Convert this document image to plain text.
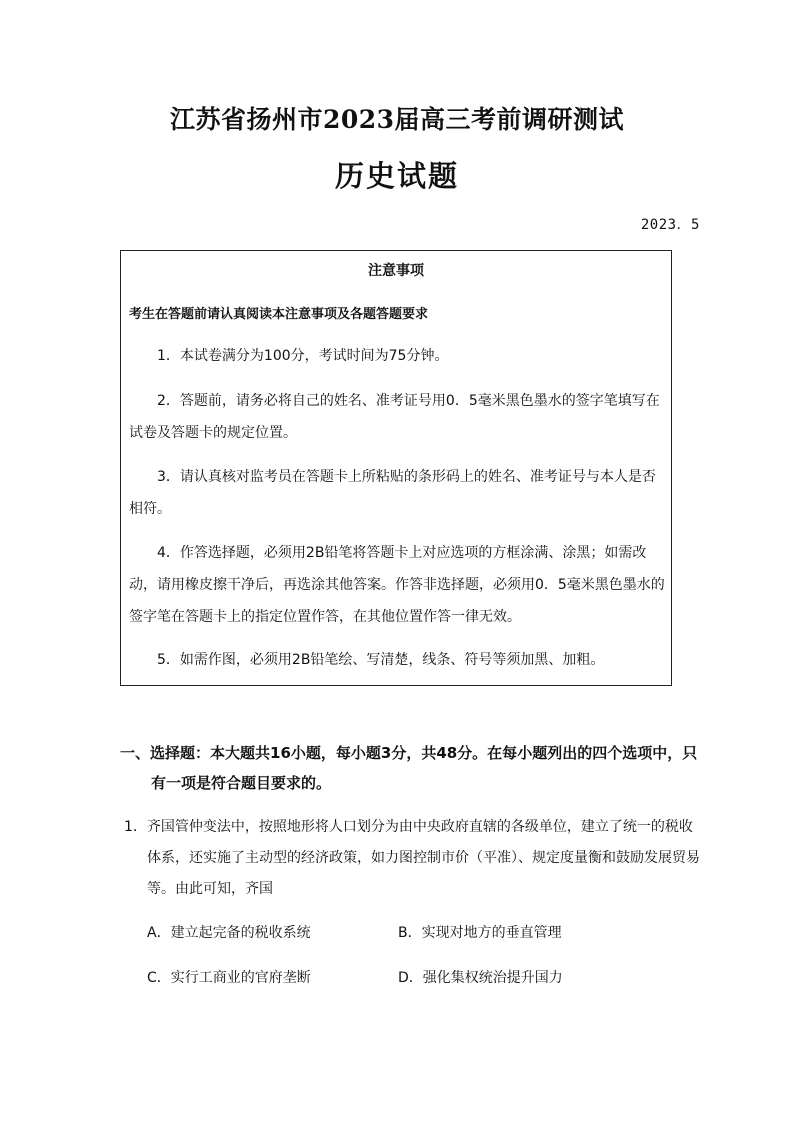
江苏省扬州市2023届高三考前调研测试
历史试题
2023．5
注意事项
考生在答题前请认真阅读本注意事项及各题答题要求
1．本试卷满分为100分，考试时间为75分钟。
2．答题前，请务必将自己的姓名、准考证号用0．5毫米黑色墨水的签字笔填写在试卷及答题卡的规定位置。
3．请认真核对监考员在答题卡上所粘贴的条形码上的姓名、准考证号与本人是否相符。
4．作答选择题，必须用2B铅笔将答题卡上对应选项的方框涂满、涂黑；如需改动，请用橡皮擦干净后，再选涂其他答案。作答非选择题，必须用0．5毫米黑色墨水的签字笔在答题卡上的指定位置作答，在其他位置作答一律无效。
5．如需作图，必须用2B铅笔绘、写清楚，线条、符号等须加黑、加粗。
一、选择题：本大题共16小题，每小题3分，共48分。在每小题列出的四个选项中，只有一项是符合题目要求的。
1．齐国管仲变法中，按照地形将人口划分为由中央政府直辖的各级单位，建立了统一的税收体系，还实施了主动型的经济政策，如力图控制市价（平准）、规定度量衡和鼓励发展贸易等。由此可知，齐国
A．建立起完备的税收系统	B．实现对地方的垂直管理
C．实行工商业的官府垄断	D．强化集权统治提升国力
